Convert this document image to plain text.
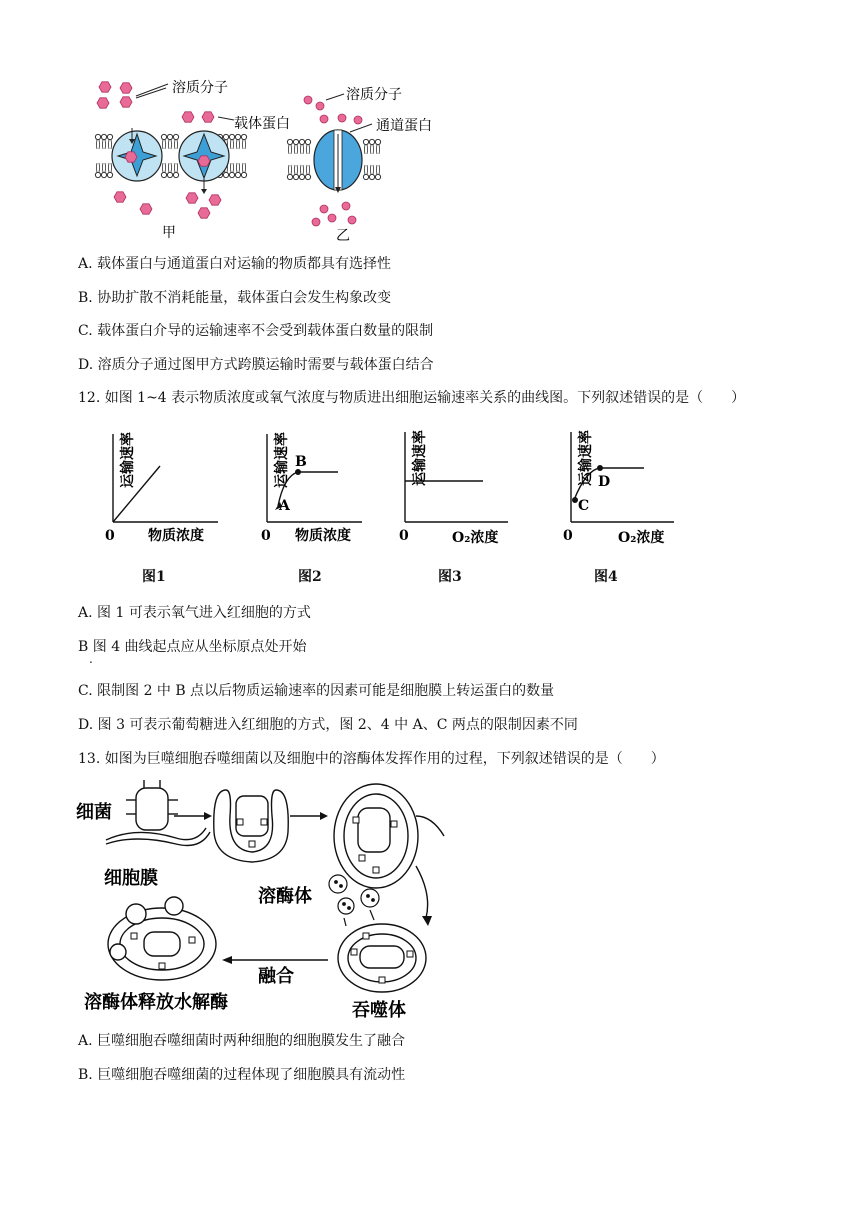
溶质分子
载体蛋白
甲
溶质分子
通道蛋白
乙
A. 载体蛋白与通道蛋白对运输的物质都具有选择性
B. 协助扩散不消耗能量，载体蛋白会发生构象改变
C. 载体蛋白介导的运输速率不会受到载体蛋白数量的限制
D. 溶质分子通过图甲方式跨膜运输时需要与载体蛋白结合
12. 如图 1~4 表示物质浓度或氧气浓度与物质进出细胞运输速率关系的曲线图。下列叙述错误的是（　　）
运输速率
0 物质浓度
图1
运输速率
A
B
0 物质浓度
图2
运输速率
0	O₂浓度
图3
运输速率
C
D
0	O₂浓度
图4
A. 图 1 可表示氧气进入红细胞的方式
B 图 4 曲线起点应从坐标原点处开始
.
C. 限制图 2 中 B 点以后物质运输速率的因素可能是细胞膜上转运蛋白的数量
D. 图 3 可表示葡萄糖进入红细胞的方式，图 2、4 中 A、C 两点的限制因素不同
13. 如图为巨噬细胞吞噬细菌以及细胞中的溶酶体发挥作用的过程，下列叙述错误的是（　　）
细菌
细胞膜
溶酶体
融合
吞噬体
溶酶体释放水解酶
A. 巨噬细胞吞噬细菌时两种细胞的细胞膜发生了融合
B. 巨噬细胞吞噬细菌的过程体现了细胞膜具有流动性
